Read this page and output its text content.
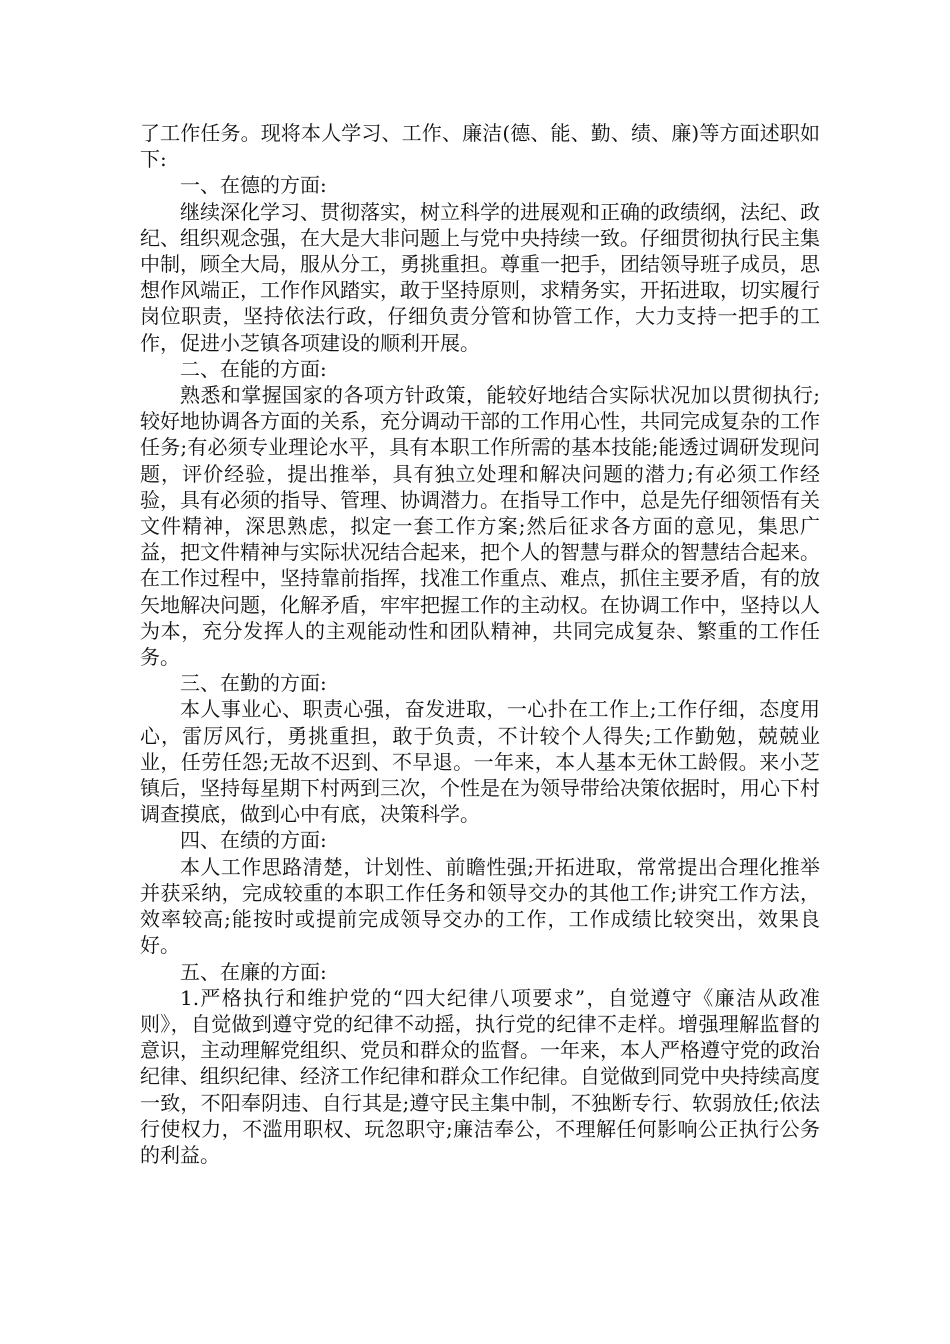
了工作任务。现将本人学习、工作、廉洁(德、能、勤、绩、廉)等方面述职如下:

一、在德的方面:

继续深化学习、贯彻落实，树立科学的进展观和正确的政绩纲，法纪、政纪、组织观念强，在大是大非问题上与党中央持续一致。仔细贯彻执行民主集中制，顾全大局，服从分工，勇挑重担。尊重一把手，团结领导班子成员，思想作风端正，工作作风踏实，敢于坚持原则，求精务实，开拓进取，切实履行岗位职责，坚持依法行政，仔细负责分管和协管工作，大力支持一把手的工作，促进小芝镇各项建设的顺利开展。

二、在能的方面:

熟悉和掌握国家的各项方针政策，能较好地结合实际状况加以贯彻执行;较好地协调各方面的关系，充分调动干部的工作用心性，共同完成复杂的工作任务;有必须专业理论水平，具有本职工作所需的基本技能;能透过调研发现问题，评价经验，提出推举，具有独立处理和解决问题的潜力;有必须工作经验，具有必须的指导、管理、协调潜力。在指导工作中，总是先仔细领悟有关文件精神，深思熟虑，拟定一套工作方案;然后征求各方面的意见，集思广益，把文件精神与实际状况结合起来，把个人的智慧与群众的智慧结合起来。在工作过程中，坚持靠前指挥，找准工作重点、难点，抓住主要矛盾，有的放矢地解决问题，化解矛盾，牢牢把握工作的主动权。在协调工作中，坚持以人为本，充分发挥人的主观能动性和团队精神，共同完成复杂、繁重的工作任务。

三、在勤的方面:

本人事业心、职责心强，奋发进取，一心扑在工作上;工作仔细，态度用心，雷厉风行，勇挑重担，敢于负责，不计较个人得失;工作勤勉，兢兢业业，任劳任怨;无故不迟到、不早退。一年来，本人基本无休工龄假。来小芝镇后，坚持每星期下村两到三次，个性是在为领导带给决策依据时，用心下村调查摸底，做到心中有底，决策科学。

四、在绩的方面:

本人工作思路清楚，计划性、前瞻性强;开拓进取，常常提出合理化推举并获采纳，完成较重的本职工作任务和领导交办的其他工作;讲究工作方法，效率较高;能按时或提前完成领导交办的工作，工作成绩比较突出，效果良好。

五、在廉的方面:

1.严格执行和维护党的“四大纪律八项要求”，自觉遵守《廉洁从政准则》，自觉做到遵守党的纪律不动摇，执行党的纪律不走样。增强理解监督的意识，主动理解党组织、党员和群众的监督。一年来，本人严格遵守党的政治纪律、组织纪律、经济工作纪律和群众工作纪律。自觉做到同党中央持续高度一致，不阳奉阴违、自行其是;遵守民主集中制，不独断专行、软弱放任;依法行使权力，不滥用职权、玩忽职守;廉洁奉公，不理解任何影响公正执行公务的利益。
